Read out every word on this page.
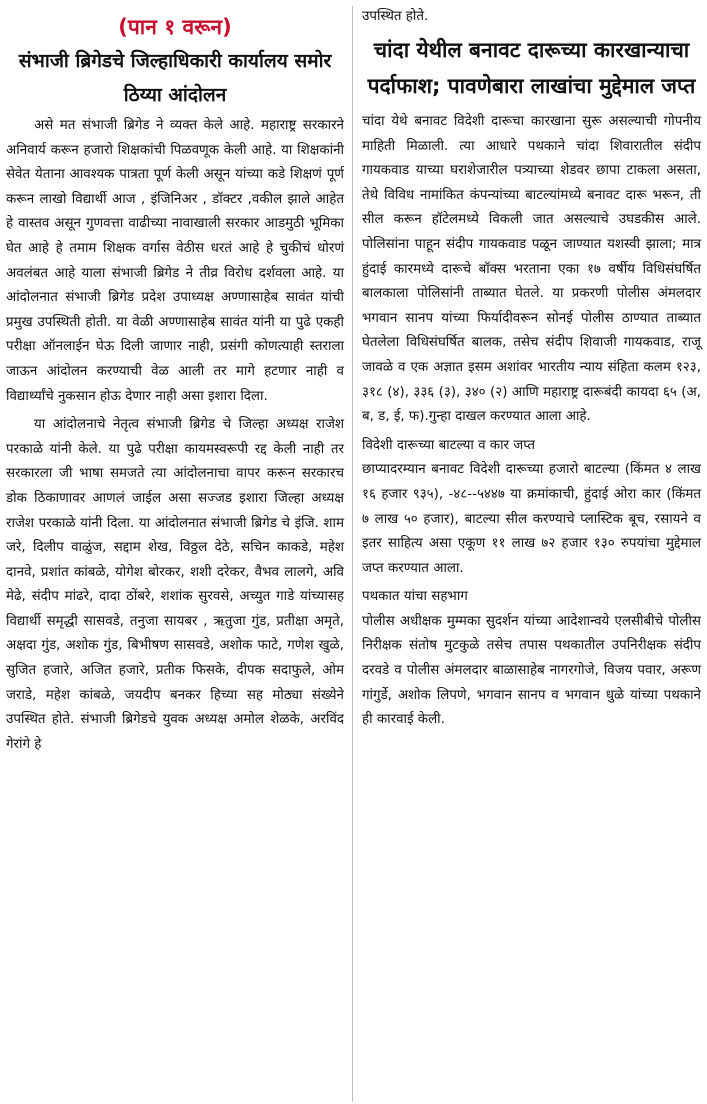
(पान १ वरून)
संभाजी ब्रिगेडचे जिल्हाधिकारी कार्यालय समोर ठिय्या आंदोलन

असे मत संभाजी ब्रिगेड ने व्यक्त केले आहे. महाराष्ट्र सरकारने अनिवार्य करून हजारो शिक्षकांची पिळवणूक केली आहे. या शिक्षकांनी सेवेत येताना आवश्यक पात्रता पूर्ण केली असून यांच्या कडे शिक्षणं पूर्ण करून लाखो विद्यार्थी आज , इंजिनिअर , डॉक्टर ,वकील झाले आहेत हे वास्तव असून गुणवत्ता वाढीच्या नावाखाली सरकार आडमुठी भूमिका घेत आहे हे तमाम शिक्षक वर्गास वेठीस धरतं आहे हे चुकीचं धोरणं अवलंबत आहे याला संभाजी ब्रिगेड ने तीव्र विरोध दर्शवला आहे. या आंदोलनात संभाजी ब्रिगेड प्रदेश उपाध्यक्ष अण्णासाहेब सावंत यांची प्रमुख उपस्थिती होती. या वेळी अण्णासाहेब सावंत यांनी या पुढे एकही परीक्षा ऑनलाईन घेऊ दिली जाणार नाही, प्रसंगी कोणत्याही स्तराला जाऊन आंदोलन करण्याची वेळ आली तर मागे हटणार नाही व विद्यार्थ्यांचे नुकसान होऊ देणार नाही असा इशारा दिला.

या आंदोलनाचे नेतृत्व संभाजी ब्रिगेड चे जिल्हा अध्यक्ष राजेश परकाळे यांनी केले. या पुढे परीक्षा कायमस्वरूपी रद्द केली नाही तर सरकारला जी भाषा समजते त्या आंदोलनाचा वापर करून सरकारच डोक ठिकाणावर आणलं जाईल असा सज्जड इशारा जिल्हा अध्यक्ष राजेश परकाळे यांनी दिला. या आंदोलनात संभाजी ब्रिगेड चे इंजि. शाम जरे, दिलीप वाळुंज, सद्दाम शेख, विठ्ठल देठे, सचिन काकडे, महेश दानवे, प्रशांत कांबळे, योगेश बोरकर, शशी दरेकर, वैभव लालगे, अवि मेढे, संदीप मांढरे, दादा ठोंबरे, शशांक सुरवसे, अच्युत गाडे यांच्यासह विद्यार्थी समृद्धी सासवडे, तनुजा सायबर , ऋतुजा गुंड, प्रतीक्षा अमृते, अक्षदा गुंड, अशोक गुंड, बिभीषण सासवडे, अशोक फाटे, गणेश खुळे, सुजित हजारे, अजित हजारे, प्रतीक फिसके, दीपक सदाफुले, ओम जराडे, महेश कांबळे, जयदीप बनकर हिच्या सह मोठ्या संख्येने उपस्थित होते. संभाजी ब्रिगेडचे युवक अध्यक्ष अमोल शेळके, अरविंद गेरांगे हे

उपस्थित होते.
चांदा येथील बनावट दारूच्या कारखान्याचा पर्दाफाश; पावणेबारा लाखांचा मुद्देमाल जप्त

चांदा येथे बनावट विदेशी दारूचा कारखाना सुरू असल्याची गोपनीय माहिती मिळाली. त्या आधारे पथकाने चांदा शिवारातील संदीप गायकवाड याच्या घराशेजारील पत्र्याच्या शेडवर छापा टाकला असता, तेथे विविध नामांकित कंपन्यांच्या बाटल्यांमध्ये बनावट दारू भरून, ती सील करून हॉटेलमध्ये विकली जात असल्याचे उघडकीस आले. पोलिसांना पाहून संदीप गायकवाड पळून जाण्यात यशस्वी झाला; मात्र हुंदाई कारमध्ये दारूचे बॉक्स भरताना एका १७ वर्षीय विधिसंघर्षित बालकाला पोलिसांनी ताब्यात घेतले. या प्रकरणी पोलीस अंमलदार भगवान सानप यांच्या फिर्यादीवरून सोनई पोलीस ठाण्यात ताब्यात घेतलेला विधिसंघर्षित बालक, तसेच संदीप शिवाजी गायकवाड, राजू जावळे व एक अज्ञात इसम अशांवर भारतीय न्याय संहिता कलम १२३, ३१८ (४), ३३६ (३), ३४० (२) आणि महाराष्ट्र दारूबंदी कायदा ६५ (अ, ब, ड, ई, फ).गुन्हा दाखल करण्यात आला आहे.

विदेशी दारूच्या बाटल्या व कार जप्त

छाप्यादरम्यान बनावट विदेशी दारूच्या हजारो बाटल्या (किंमत ४ लाख १६ हजार ९३५), -४८--५४४७ या क्रमांकाची, हुंदाई ओरा कार (किंमत ७ लाख ५० हजार), बाटल्या सील करण्याचे प्लास्टिक बूच, रसायने व इतर साहित्य असा एकूण ११ लाख ७२ हजार १३० रुपयांचा मुद्देमाल जप्त करण्यात आला.

पथकात यांचा सहभाग

पोलीस अधीक्षक मुम्मका सुदर्शन यांच्या आदेशान्वये एलसीबीचे पोलीस निरीक्षक संतोष मुटकुळे तसेच तपास पथकातील उपनिरीक्षक संदीप दरवडे व पोलीस अंमलदार बाळासाहेब नागरगोजे, विजय पवार, अरूण गांगुर्डे, अशोक लिपणे, भगवान सानप व भगवान धुळे यांच्या पथकाने ही कारवाई केली.
